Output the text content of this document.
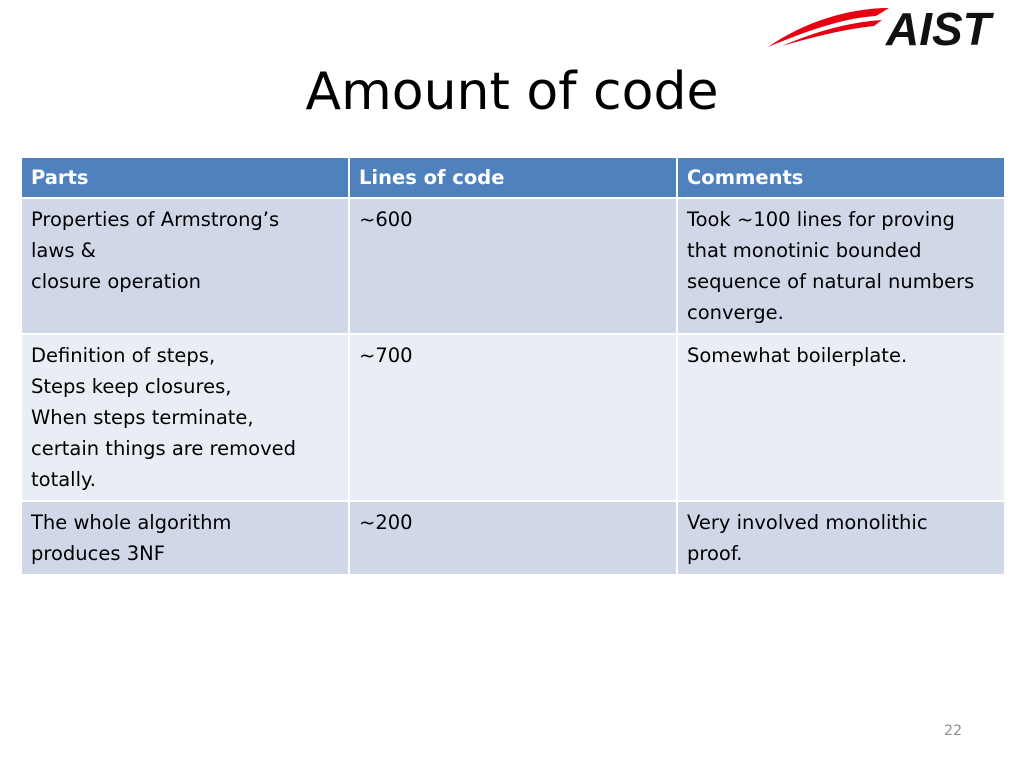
AIST
Amount of code
Parts	Lines of code	Comments

Properties of Armstrong’s
laws &
closure operation	~600	Took ~100 lines for proving
that monotinic bounded
sequence of natural numbers
converge.

Definition of steps,
Steps keep closures,
When steps terminate,
certain things are removed
totally.	~700	Somewhat boilerplate.

The whole algorithm
produces 3NF	~200	Very involved monolithic
proof.
22
